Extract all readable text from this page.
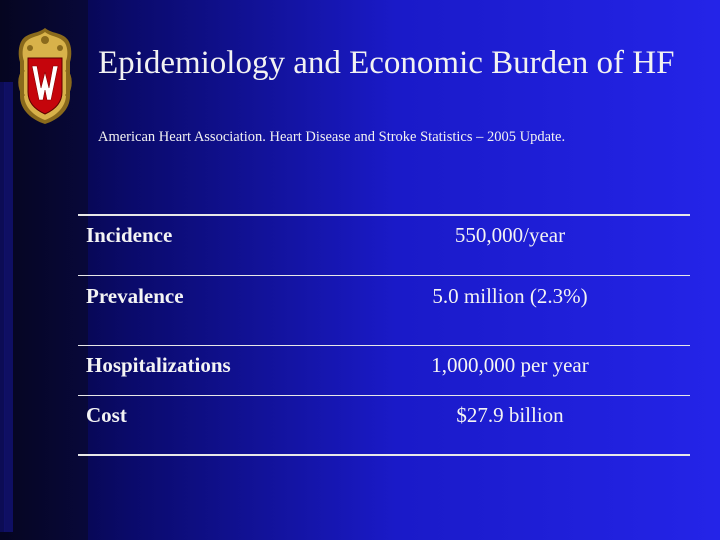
Epidemiology and Economic Burden of HF

American Heart Association. Heart Disease and Stroke Statistics – 2005 Update.

Incidence	550,000/year
Prevalence	5.0 million (2.3%)
Hospitalizations	1,000,000 per year
Cost	$27.9 billion
